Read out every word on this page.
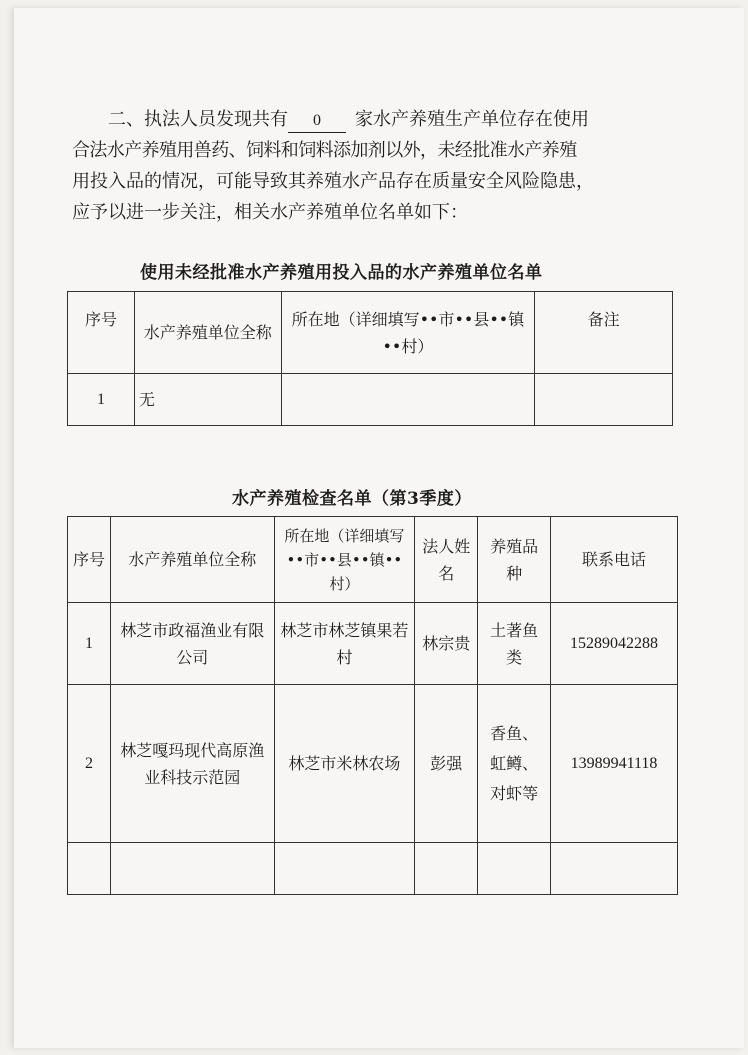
  二、执法人员发现共有 0  家水产养殖生产单位存在使用
合法水产养殖用兽药、饲料和饲料添加剂以外，未经批准水产养殖
用投入品的情况，可能导致其养殖水产品存在质量安全风险隐患，
应予以进一步关注，相关水产养殖单位名单如下：
使用未经批准水产养殖用投入品的水产养殖单位名单
序号	水产养殖单位全称	所在地（详细填写••市••县••镇••村）	备注
1	无		
水产养殖检查名单（第3季度）
序号	水产养殖单位全称	所在地（详细填写••市••县••镇••村）	法人姓名	养殖品种	联系电话
1	林芝市政福渔业有限公司	林芝市林芝镇果若村	林宗贵	土著鱼类	15289042288
2	林芝嘎玛现代高原渔业科技示范园	林芝市米林农场	彭强	香鱼、虹鳟、对虾等	13989941118
